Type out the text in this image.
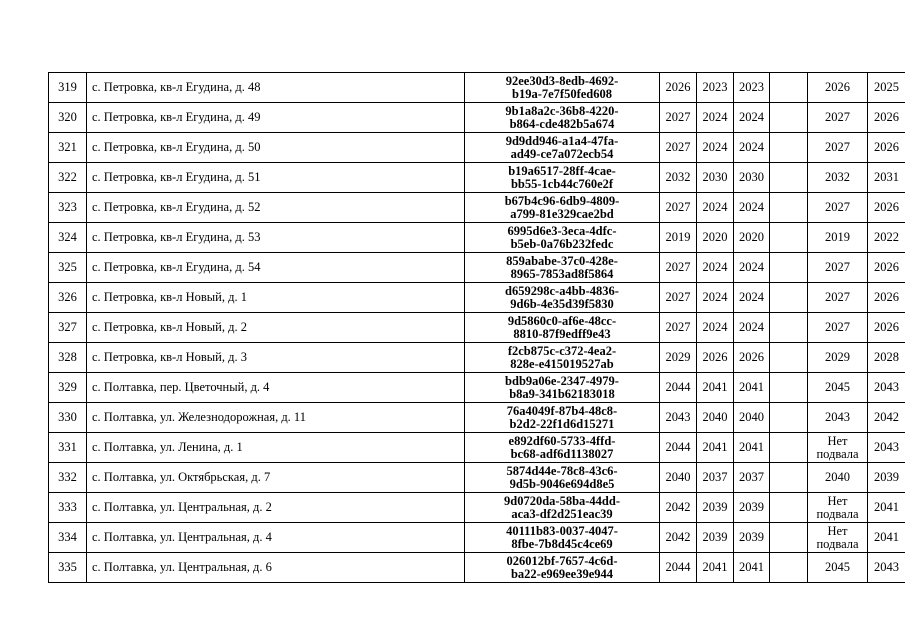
319	с. Петровка, кв-л Егудина, д. 48	92ee30d3-8edb-4692-
b19a-7e7f50fed608	2026	2023	2023		2026	2025
320	с. Петровка, кв-л Егудина, д. 49	9b1a8a2c-36b8-4220-
b864-cde482b5a674	2027	2024	2024		2027	2026
321	с. Петровка, кв-л Егудина, д. 50	9d9dd946-a1a4-47fa-
ad49-ce7a072ecb54	2027	2024	2024		2027	2026
322	с. Петровка, кв-л Егудина, д. 51	b19a6517-28ff-4cae-
bb55-1cb44c760e2f	2032	2030	2030		2032	2031
323	с. Петровка, кв-л Егудина, д. 52	b67b4c96-6db9-4809-
a799-81e329cae2bd	2027	2024	2024		2027	2026
324	с. Петровка, кв-л Егудина, д. 53	6995d6e3-3eca-4dfc-
b5eb-0a76b232fedc	2019	2020	2020		2019	2022
325	с. Петровка, кв-л Егудина, д. 54	859ababe-37c0-428e-
8965-7853ad8f5864	2027	2024	2024		2027	2026
326	с. Петровка, кв-л Новый, д. 1	d659298c-a4bb-4836-
9d6b-4e35d39f5830	2027	2024	2024		2027	2026
327	с. Петровка, кв-л Новый, д. 2	9d5860c0-af6e-48cc-
8810-87f9edff9e43	2027	2024	2024		2027	2026
328	с. Петровка, кв-л Новый, д. 3	f2cb875c-c372-4ea2-
828e-e415019527ab	2029	2026	2026		2029	2028
329	с. Полтавка, пер. Цветочный, д. 4	bdb9a06e-2347-4979-
b8a9-341b62183018	2044	2041	2041		2045	2043
330	с. Полтавка, ул. Железнодорожная, д. 11	76a4049f-87b4-48c8-
b2d2-22f1d6d15271	2043	2040	2040		2043	2042
331	с. Полтавка, ул. Ленина, д. 1	e892df60-5733-4ffd-
bc68-adf6d1138027	2044	2041	2041		Нет подвала	2043
332	с. Полтавка, ул. Октябрьская, д. 7	5874d44e-78c8-43c6-
9d5b-9046e694d8e5	2040	2037	2037		2040	2039
333	с. Полтавка, ул. Центральная, д. 2	9d0720da-58ba-44dd-
aca3-df2d251eac39	2042	2039	2039		Нет подвала	2041
334	с. Полтавка, ул. Центральная, д. 4	40111b83-0037-4047-
8fbe-7b8d45c4ce69	2042	2039	2039		Нет подвала	2041
335	с. Полтавка, ул. Центральная, д. 6	026012bf-7657-4c6d-
ba22-e969ee39e944	2044	2041	2041		2045	2043
